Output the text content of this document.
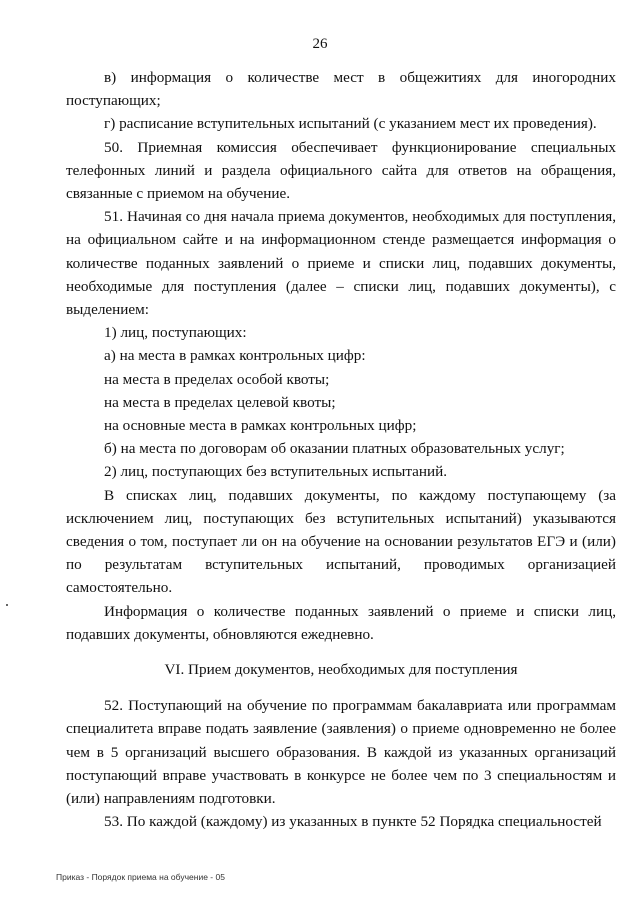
26

в) информация о количестве мест в общежитиях для иногородних поступающих;

г) расписание вступительных испытаний (с указанием мест их проведения).

50. Приемная комиссия обеспечивает функционирование специальных телефонных линий и раздела официального сайта для ответов на обращения, связанные с приемом на обучение.

51. Начиная со дня начала приема документов, необходимых для поступления, на официальном сайте и на информационном стенде размещается информация о количестве поданных заявлений о приеме и списки лиц, подавших документы, необходимые для поступления (далее – списки лиц, подавших документы), с выделением:

1) лиц, поступающих:

а) на места в рамках контрольных цифр:

на места в пределах особой квоты;

на места в пределах целевой квоты;

на основные места в рамках контрольных цифр;

б) на места по договорам об оказании платных образовательных услуг;

2) лиц, поступающих без вступительных испытаний.

В списках лиц, подавших документы, по каждому поступающему (за исключением лиц, поступающих без вступительных испытаний) указываются сведения о том, поступает ли он на обучение на основании результатов ЕГЭ и (или) по результатам вступительных испытаний, проводимых организацией самостоятельно.

Информация о количестве поданных заявлений о приеме и списки лиц, подавших документы, обновляются ежедневно.

VI. Прием документов, необходимых для поступления

52. Поступающий на обучение по программам бакалавриата или программам специалитета вправе подать заявление (заявления) о приеме одновременно не более чем в 5 организаций высшего образования. В каждой из указанных организаций поступающий вправе участвовать в конкурсе не более чем по 3 специальностям и (или) направлениям подготовки.

53. По каждой (каждому) из указанных в пункте 52 Порядка специальностей

Приказ - Порядок приема на обучение - 05
